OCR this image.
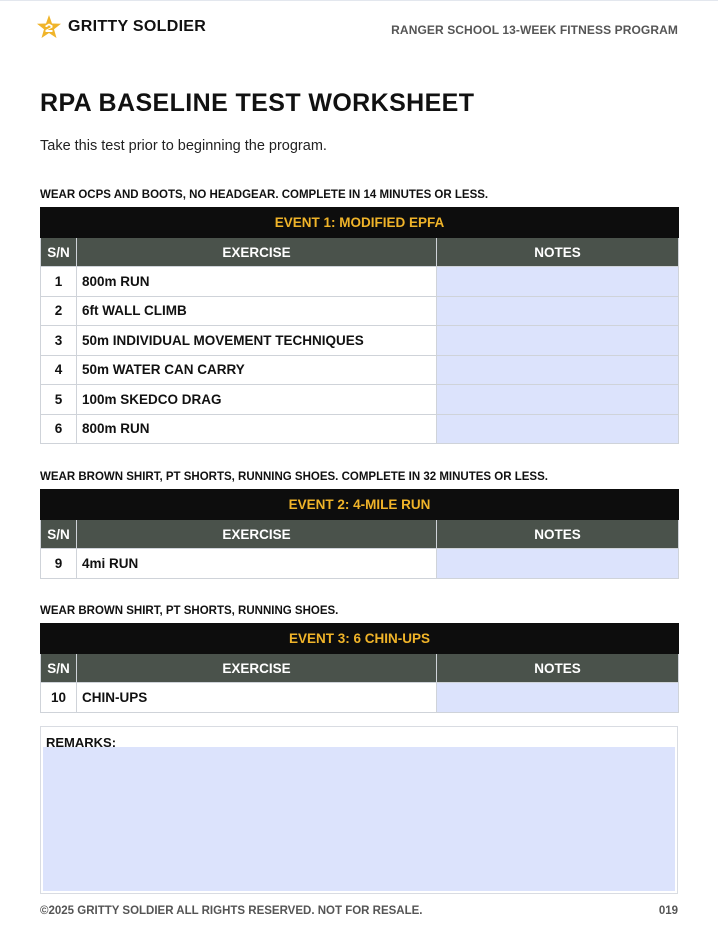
GRITTY SOLDIER	RANGER SCHOOL 13-WEEK FITNESS PROGRAM
RPA BASELINE TEST WORKSHEET
Take this test prior to beginning the program.
WEAR OCPS AND BOOTS, NO HEADGEAR. COMPLETE IN 14 MINUTES OR LESS.
EVENT 1: MODIFIED EPFA		
S/N	EXERCISE	NOTES
1	800m RUN	
2	6ft WALL CLIMB	
3	50m INDIVIDUAL MOVEMENT TECHNIQUES	
4	50m WATER CAN CARRY	
5	100m SKEDCO DRAG	
6	800m RUN	
WEAR BROWN SHIRT, PT SHORTS, RUNNING SHOES. COMPLETE IN 32 MINUTES OR LESS.
EVENT 2: 4-MILE RUN		
S/N	EXERCISE	NOTES
9	4mi RUN	
WEAR BROWN SHIRT, PT SHORTS, RUNNING SHOES.
EVENT 3: 6 CHIN-UPS		
S/N	EXERCISE	NOTES
10	CHIN-UPS	
REMARKS:
©2025 GRITTY SOLDIER ALL RIGHTS RESERVED. NOT FOR RESALE.	019
